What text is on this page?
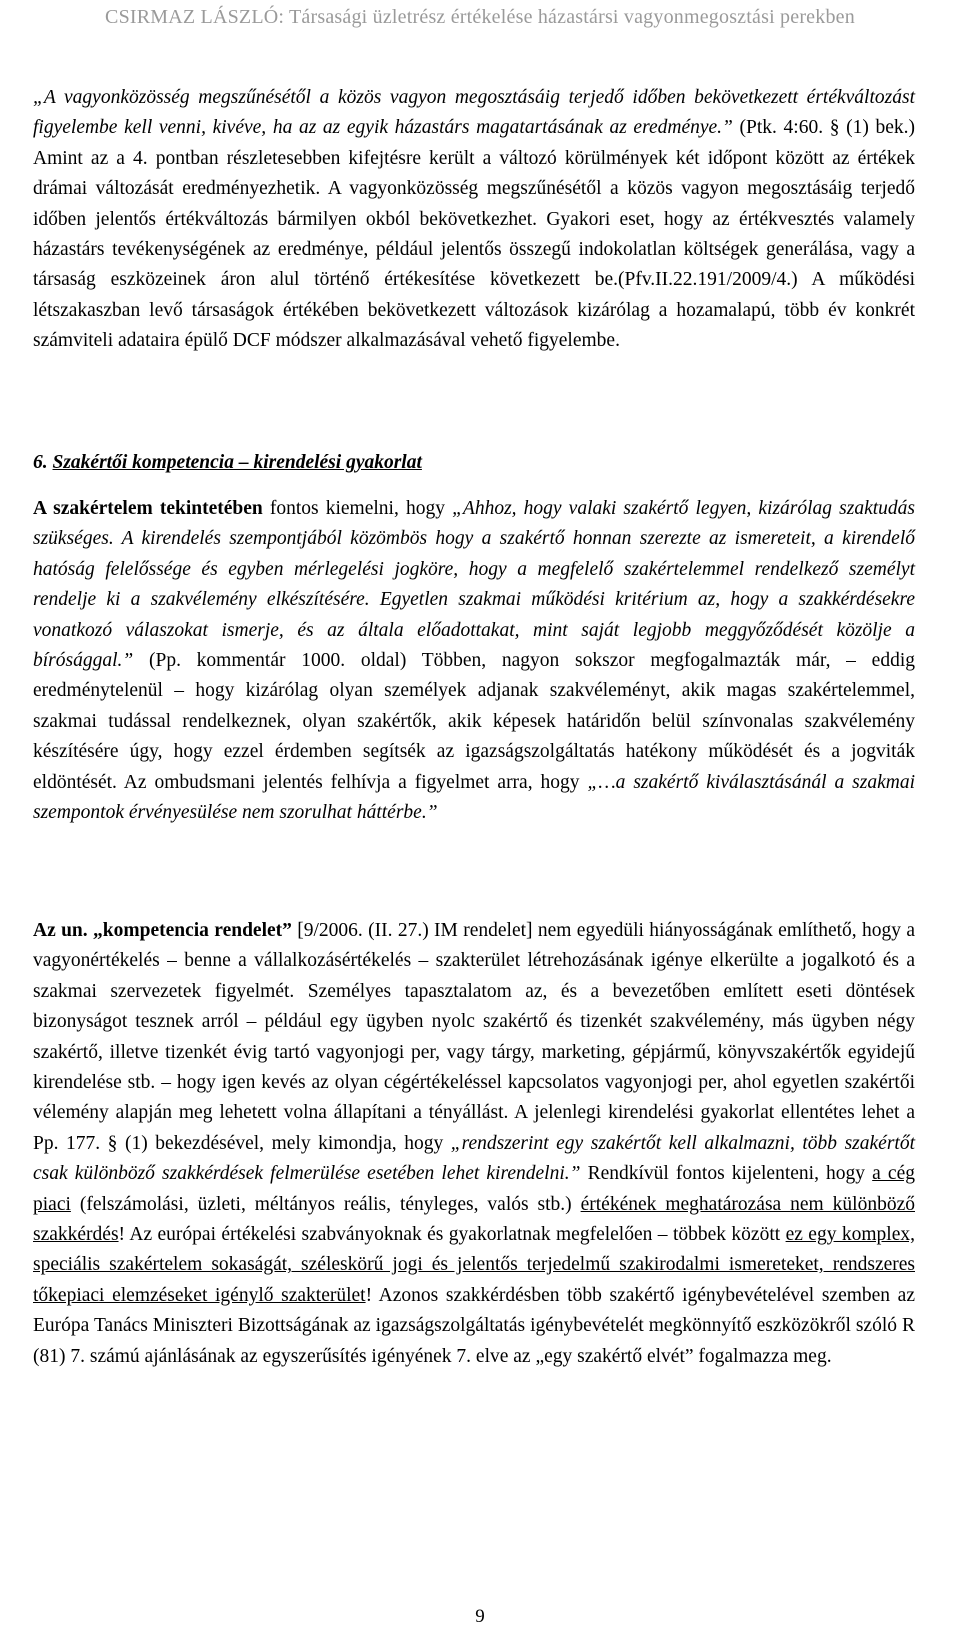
CSIRMAZ LÁSZLÓ: Társasági üzletrész értékelése házastársi vagyonmegosztási perekben
„A vagyonközösség megszűnésétől a közös vagyon megosztásáig terjedő időben bekövetkezett értékváltozást figyelembe kell venni, kivéve, ha az az egyik házastárs magatartásának az eredménye.” (Ptk. 4:60. § (1) bek.) Amint az a 4. pontban részletesebben kifejtésre került a változó körülmények két időpont között az értékek drámai változását eredményezhetik. A vagyonközösség megszűnésétől a közös vagyon megosztásáig terjedő időben jelentős értékváltozás bármilyen okból bekövetkezhet. Gyakori eset, hogy az értékvesztés valamely házastárs tevékenységének az eredménye, például jelentős összegű indokolatlan költségek generálása, vagy a társaság eszközeinek áron alul történő értékesítése következett be.(Pfv.II.22.191/2009/4.) A működési létszakaszban levő társaságok értékében bekövetkezett változások kizárólag a hozamalapú, több év konkrét számviteli adataira épülő DCF módszer alkalmazásával vehető figyelembe.
6. Szakértői kompetencia – kirendelési gyakorlat
A szakértelem tekintetében fontos kiemelni, hogy „Ahhoz, hogy valaki szakértő legyen, kizárólag szaktudás szükséges. A kirendelés szempontjából közömbös hogy a szakértő honnan szerezte az ismereteit, a kirendelő hatóság felelőssége és egyben mérlegelési jogköre, hogy a megfelelő szakértelemmel rendelkező személyt rendelje ki a szakvélemény elkészítésére. Egyetlen szakmai működési kritérium az, hogy a szakkérdésekre vonatkozó válaszokat ismerje, és az általa előadottakat, mint saját legjobb meggyőződését közölje a bírósággal.” (Pp. kommentár 1000. oldal) Többen, nagyon sokszor megfogalmazták már, – eddig eredménytelenül – hogy kizárólag olyan személyek adjanak szakvéleményt, akik magas szakértelemmel, szakmai tudással rendelkeznek, olyan szakértők, akik képesek határidőn belül színvonalas szakvélemény készítésére úgy, hogy ezzel érdemben segítsék az igazságszolgáltatás hatékony működését és a jogviták eldöntését. Az ombudsmani jelentés felhívja a figyelmet arra, hogy „…a szakértő kiválasztásánál a szakmai szempontok érvényesülése nem szorulhat háttérbe.”
Az un. „kompetencia rendelet” [9/2006. (II. 27.) IM rendelet] nem egyedüli hiányosságának említhető, hogy a vagyonértékelés – benne a vállalkozásértékelés – szakterület létrehozásának igénye elkerülte a jogalkotó és a szakmai szervezetek figyelmét. Személyes tapasztalatom az, és a bevezetőben említett eseti döntések bizonyságot tesznek arról – például egy ügyben nyolc szakértő és tizenkét szakvélemény, más ügyben négy szakértő, illetve tizenkét évig tartó vagyonjogi per, vagy tárgy, marketing, gépjármű, könyvszakértők egyidejű kirendelése stb. – hogy igen kevés az olyan cégértékeléssel kapcsolatos vagyonjogi per, ahol egyetlen szakértői vélemény alapján meg lehetett volna állapítani a tényállást. A jelenlegi kirendelési gyakorlat ellentétes lehet a Pp. 177. § (1) bekezdésével, mely kimondja, hogy „rendszerint egy szakértőt kell alkalmazni, több szakértőt csak különböző szakkérdések felmerülése esetében lehet kirendelni.” Rendkívül fontos kijelenteni, hogy a cég piaci (felszámolási, üzleti, méltányos reális, tényleges, valós stb.) értékének meghatározása nem különböző szakkérdés! Az európai értékelési szabványoknak és gyakorlatnak megfelelően – többek között ez egy komplex, speciális szakértelem sokaságát, széleskörű jogi és jelentős terjedelmű szakirodalmi ismereteket, rendszeres tőkepiaci elemzéseket igénylő szakterület! Azonos szakkérdésben több szakértő igénybevételével szemben az Európa Tanács Miniszteri Bizottságának az igazságszolgáltatás igénybevételét megkönnyítő eszközökről szóló R (81) 7. számú ajánlásának az egyszerűsítés igényének 7. elve az „egy szakértő elvét” fogalmazza meg.
9
